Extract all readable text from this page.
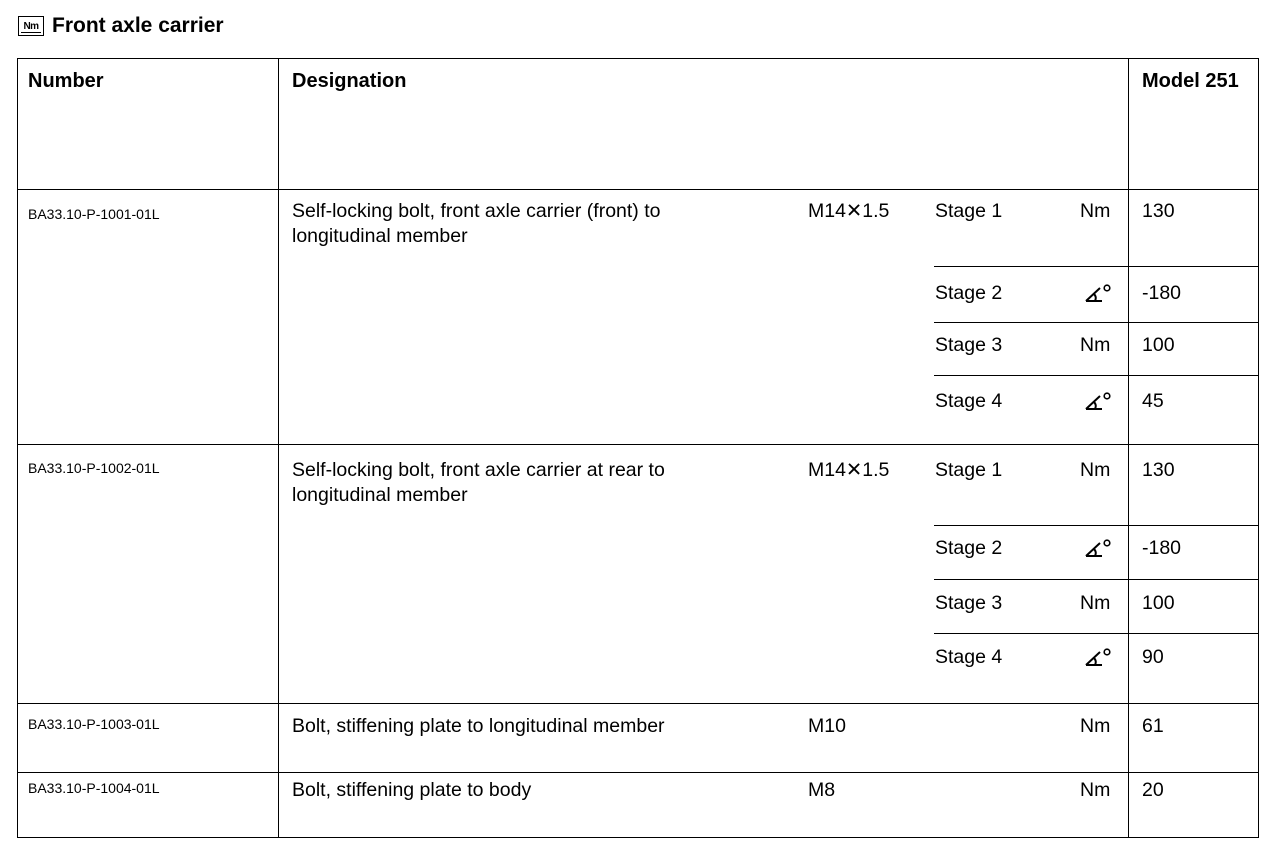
Nm Front axle carrier
Number	Designation	Model 251
BA33.10-P-1001-01L	Self-locking bolt, front axle carrier (front) to
longitudinal member
M14✕1.5 Stage 1	Nm 130
Stage 2	-180
Stage 3	Nm 100
Stage 4	45
BA33.10-P-1002-01L	Self-locking bolt, front axle carrier at rear to
longitudinal member
M14✕1.5 Stage 1	Nm 130
Stage 2	-180
Stage 3	Nm 100
Stage 4	90
BA33.10-P-1003-01L	Bolt, stiffening plate to longitudinal member	M10	Nm 61
BA33.10-P-1004-01L	Bolt, stiffening plate to body	M8	Nm 20
